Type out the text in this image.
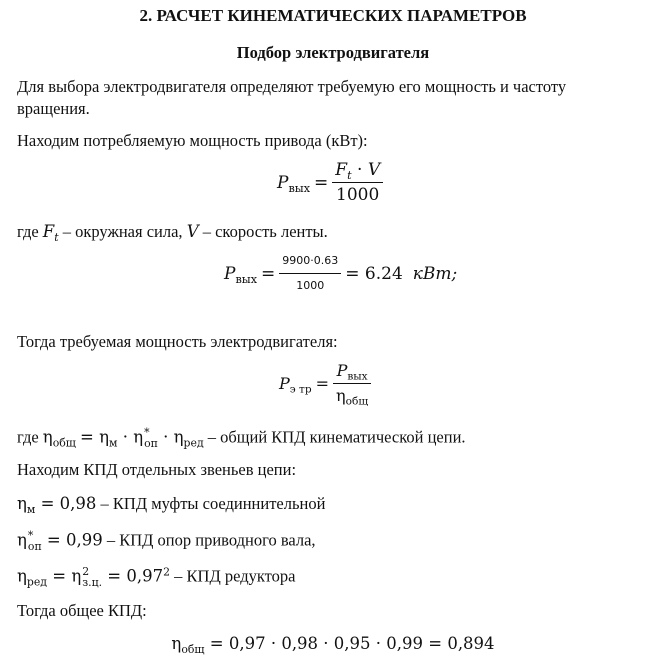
2. РАСЧЕТ КИНЕМАТИЧЕСКИХ ПАРАМЕТРОВ
Подбор электродвигателя
Для выбора электродвигателя определяют требуемую его мощность и частоту
вращения.
Находим потребляемую мощность привода (кВт):
$P_{вых} = \frac{F_t \cdot V}{1000}$
где $F_t$ – окружная сила, V – скорость ленты.
$P_{вых} = \frac{9900\cdot 0.63}{1000} = 6.24$ кВт;
Тогда требуемая мощность электродвигателя:
$P_{э тр} = \frac{P_{вых}}{\eta_{общ}}$
где $\eta_{общ} = \eta_м \cdot \eta$ *
оп · $\eta_{ред}$ – общий КПД кинематической цепи.
Находим КПД отдельных звеньев цепи:
$\eta_м = 0,98$ – КПД муфты соединнительной
η *
оп = 0,99 – КПД опор приводного вала,
$\eta_{ред} = \eta$ 2
з.ц. = $0,97^2$ – КПД редуктора
Тогда общее КПД:
$\eta_{общ} = 0,97 \cdot 0,98 \cdot 0,95 \cdot 0,99 = 0,894$
